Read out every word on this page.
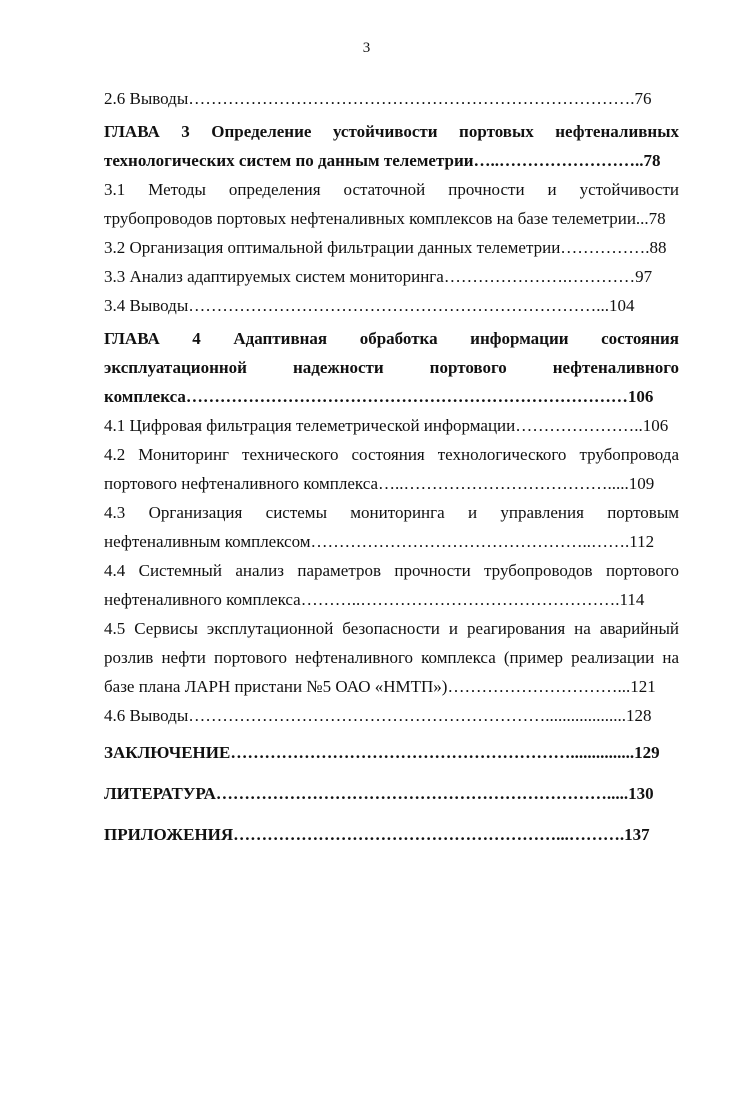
3
2.6 Выводы…………………………………………………………………….76
ГЛАВА 3 Определение устойчивости портовых нефтеналивных
технологических систем по данным телеметрии…..……………………..78
3.1 Методы определения остаточной прочности и устойчивости
трубопроводов портовых нефтеналивных комплексов на базе телеметрии...78
3.2 Организация оптимальной фильтрации данных телеметрии…………….88
3.3 Анализ адаптируемых систем мониторинга………………….…………97
3.4 Выводы………………………………………………………………...104
ГЛАВА 4 Адаптивная обработка информации состояния
эксплуатационной надежности портового нефтеналивного
комплекса……………………………………………………………………106
4.1 Цифровая фильтрация телеметрической информации…………………..106
4.2 Мониторинг технического состояния технологического трубопровода
портового нефтеналивного комплекса…..……………………………….....109
4.3 Организация системы мониторинга и управления портовым
нефтеналивным комплексом…………………………………………..…….112
4.4 Системный анализ параметров прочности трубопроводов портового
нефтеналивного комплекса………..……………………………………….114
4.5 Сервисы эксплутационной безопасности и реагирования на аварийный
розлив нефти портового нефтеналивного комплекса (пример реализации на
базе плана ЛАРН пристани №5 ОАО «НМТП»)…………………………...121
4.6 Выводы………………………………………………………...................128
ЗАКЛЮЧЕНИЕ……………………………………………………...............129
ЛИТЕРАТУРА…………………………………………………………….....130
ПРИЛОЖЕНИЯ…………………………………………………...……….137
